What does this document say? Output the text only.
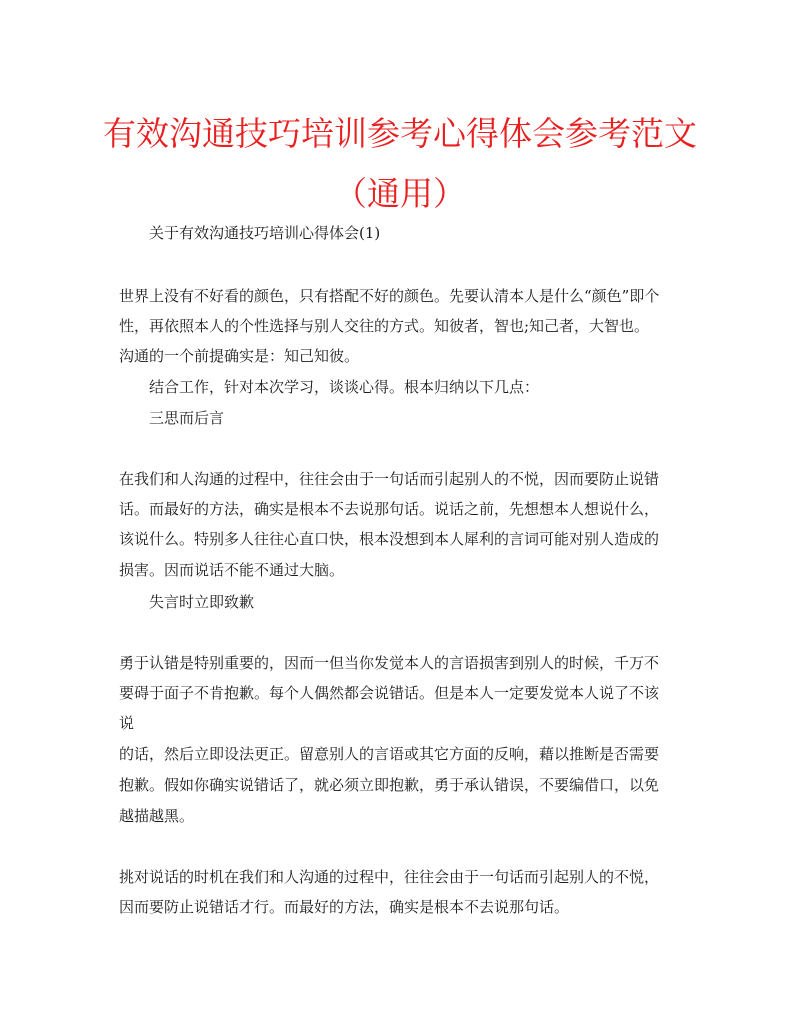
有效沟通技巧培训参考心得体会参考范文
（通用）
关于有效沟通技巧培训心得体会(1)
世界上没有不好看的颜色，只有搭配不好的颜色。先要认清本人是什么“颜色”即个
性，再依照本人的个性选择与别人交往的方式。知彼者，智也;知己者，大智也。
沟通的一个前提确实是：知己知彼。
结合工作，针对本次学习，谈谈心得。根本归纳以下几点：
三思而后言
在我们和人沟通的过程中，往往会由于一句话而引起别人的不悦，因而要防止说错
话。而最好的方法，确实是根本不去说那句话。说话之前，先想想本人想说什么，
该说什么。特别多人往往心直口快，根本没想到本人犀利的言词可能对别人造成的
损害。因而说话不能不通过大脑。
失言时立即致歉
勇于认错是特别重要的，因而一但当你发觉本人的言语损害到别人的时候，千万不
要碍于面子不肯抱歉。每个人偶然都会说错话。但是本人一定要发觉本人说了不该
说
的话，然后立即设法更正。留意别人的言语或其它方面的反响，藉以推断是否需要
抱歉。假如你确实说错话了，就必须立即抱歉，勇于承认错误，不要编借口，以免
越描越黑。
挑对说话的时机在我们和人沟通的过程中，往往会由于一句话而引起别人的不悦，
因而要防止说错话才行。而最好的方法，确实是根本不去说那句话。
